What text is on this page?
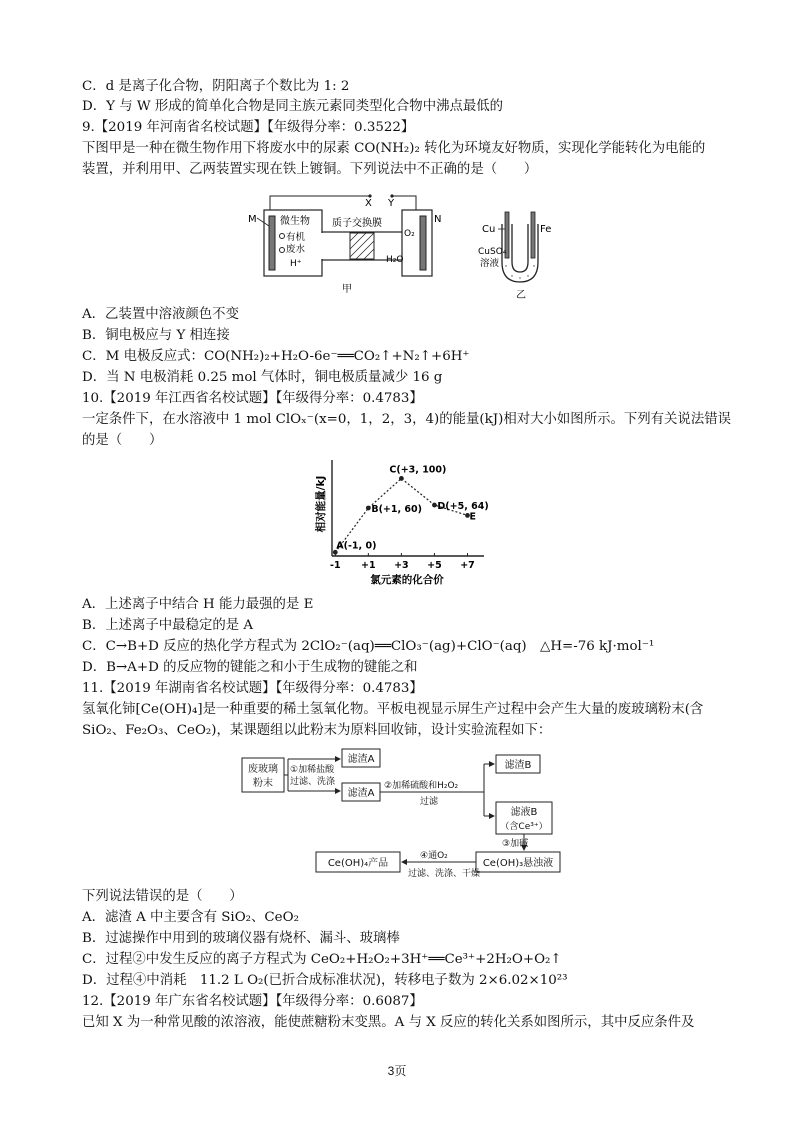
C．d 是离子化合物，阴阳离子个数比为 1: 2
D．Y 与 W 形成的简单化合物是同主族元素同类型化合物中沸点最低的
9.【2019 年河南省名校试题】【年级得分率：0.3522】
下图甲是一种在微生物作用下将废水中的尿素 CO(NH₂)₂ 转化为环境友好物质，实现化学能转化为电能的
装置，并利用甲、乙两装置实现在铁上镀铜。下列说法中不正确的是（　　）
X Y
质子交换膜
M	N
微生物
有机
废水
H⁺
O₂
H₂O
甲
Cu	Fe
CuSO₄
溶液
乙
A．乙装置中溶液颜色不变
B．铜电极应与 Y 相连接
C．M 电极反应式：CO(NH₂)₂+H₂O-6e⁻══CO₂↑+N₂↑+6H⁺
D．当 N 电极消耗 0.25 mol 气体时，铜电极质量减少 16 g
10.【2019 年江西省名校试题】【年级得分率：0.4783】
一定条件下，在水溶液中 1 mol ClOₓ⁻(x=0，1，2，3，4)的能量(kJ)相对大小如图所示。下列有关说法错误
的是（　　）
相对能量/kJ
氯元素的化合价
-1 +1 +3 +5 +7
A(-1, 0)
B(+1, 60)
C(+3, 100)
D(+5, 64)
E
A．上述离子中结合 H 能力最强的是 E
B．上述离子中最稳定的是 A
C．C→B+D 反应的热化学方程式为 2ClO₂⁻(aq)══ClO₃⁻(ag)+ClO⁻(aq)　△H=-76 kJ·mol⁻¹
D．B→A+D 的反应物的键能之和小于生成物的键能之和
11.【2019 年湖南省名校试题】【年级得分率：0.4783】
氢氧化铈[Ce(OH)₄]是一种重要的稀土氢氧化物。平板电视显示屏生产过程中会产生大量的废玻璃粉末(含
SiO₂、Fe₂O₃、CeO₂)，某课题组以此粉末为原料回收铈，设计实验流程如下：
废玻璃
粉末
①加稀盐酸
过滤、洗涤
滤渣A
滤渣A
②加稀硫酸和H₂O₂
过滤
滤渣B
滤液B
（含Ce³⁺）
③加碱
Ce(OH)₃悬浊液
④通O₂
过滤、洗涤、干燥
Ce(OH)₄产品
下列说法错误的是（　　）
A．滤渣 A 中主要含有 SiO₂、CeO₂
B．过滤操作中用到的玻璃仪器有烧杯、漏斗、玻璃棒
C．过程②中发生反应的离子方程式为 CeO₂+H₂O₂+3H⁺══Ce³⁺+2H₂O+O₂↑
D．过程④中消耗　11.2 L O₂(已折合成标准状况)，转移电子数为 2×6.02×10²³
12.【2019 年广东省名校试题】【年级得分率：0.6087】
已知 X 为一种常见酸的浓溶液，能使蔗糖粉末变黑。A 与 X 反应的转化关系如图所示，其中反应条件及
3页
